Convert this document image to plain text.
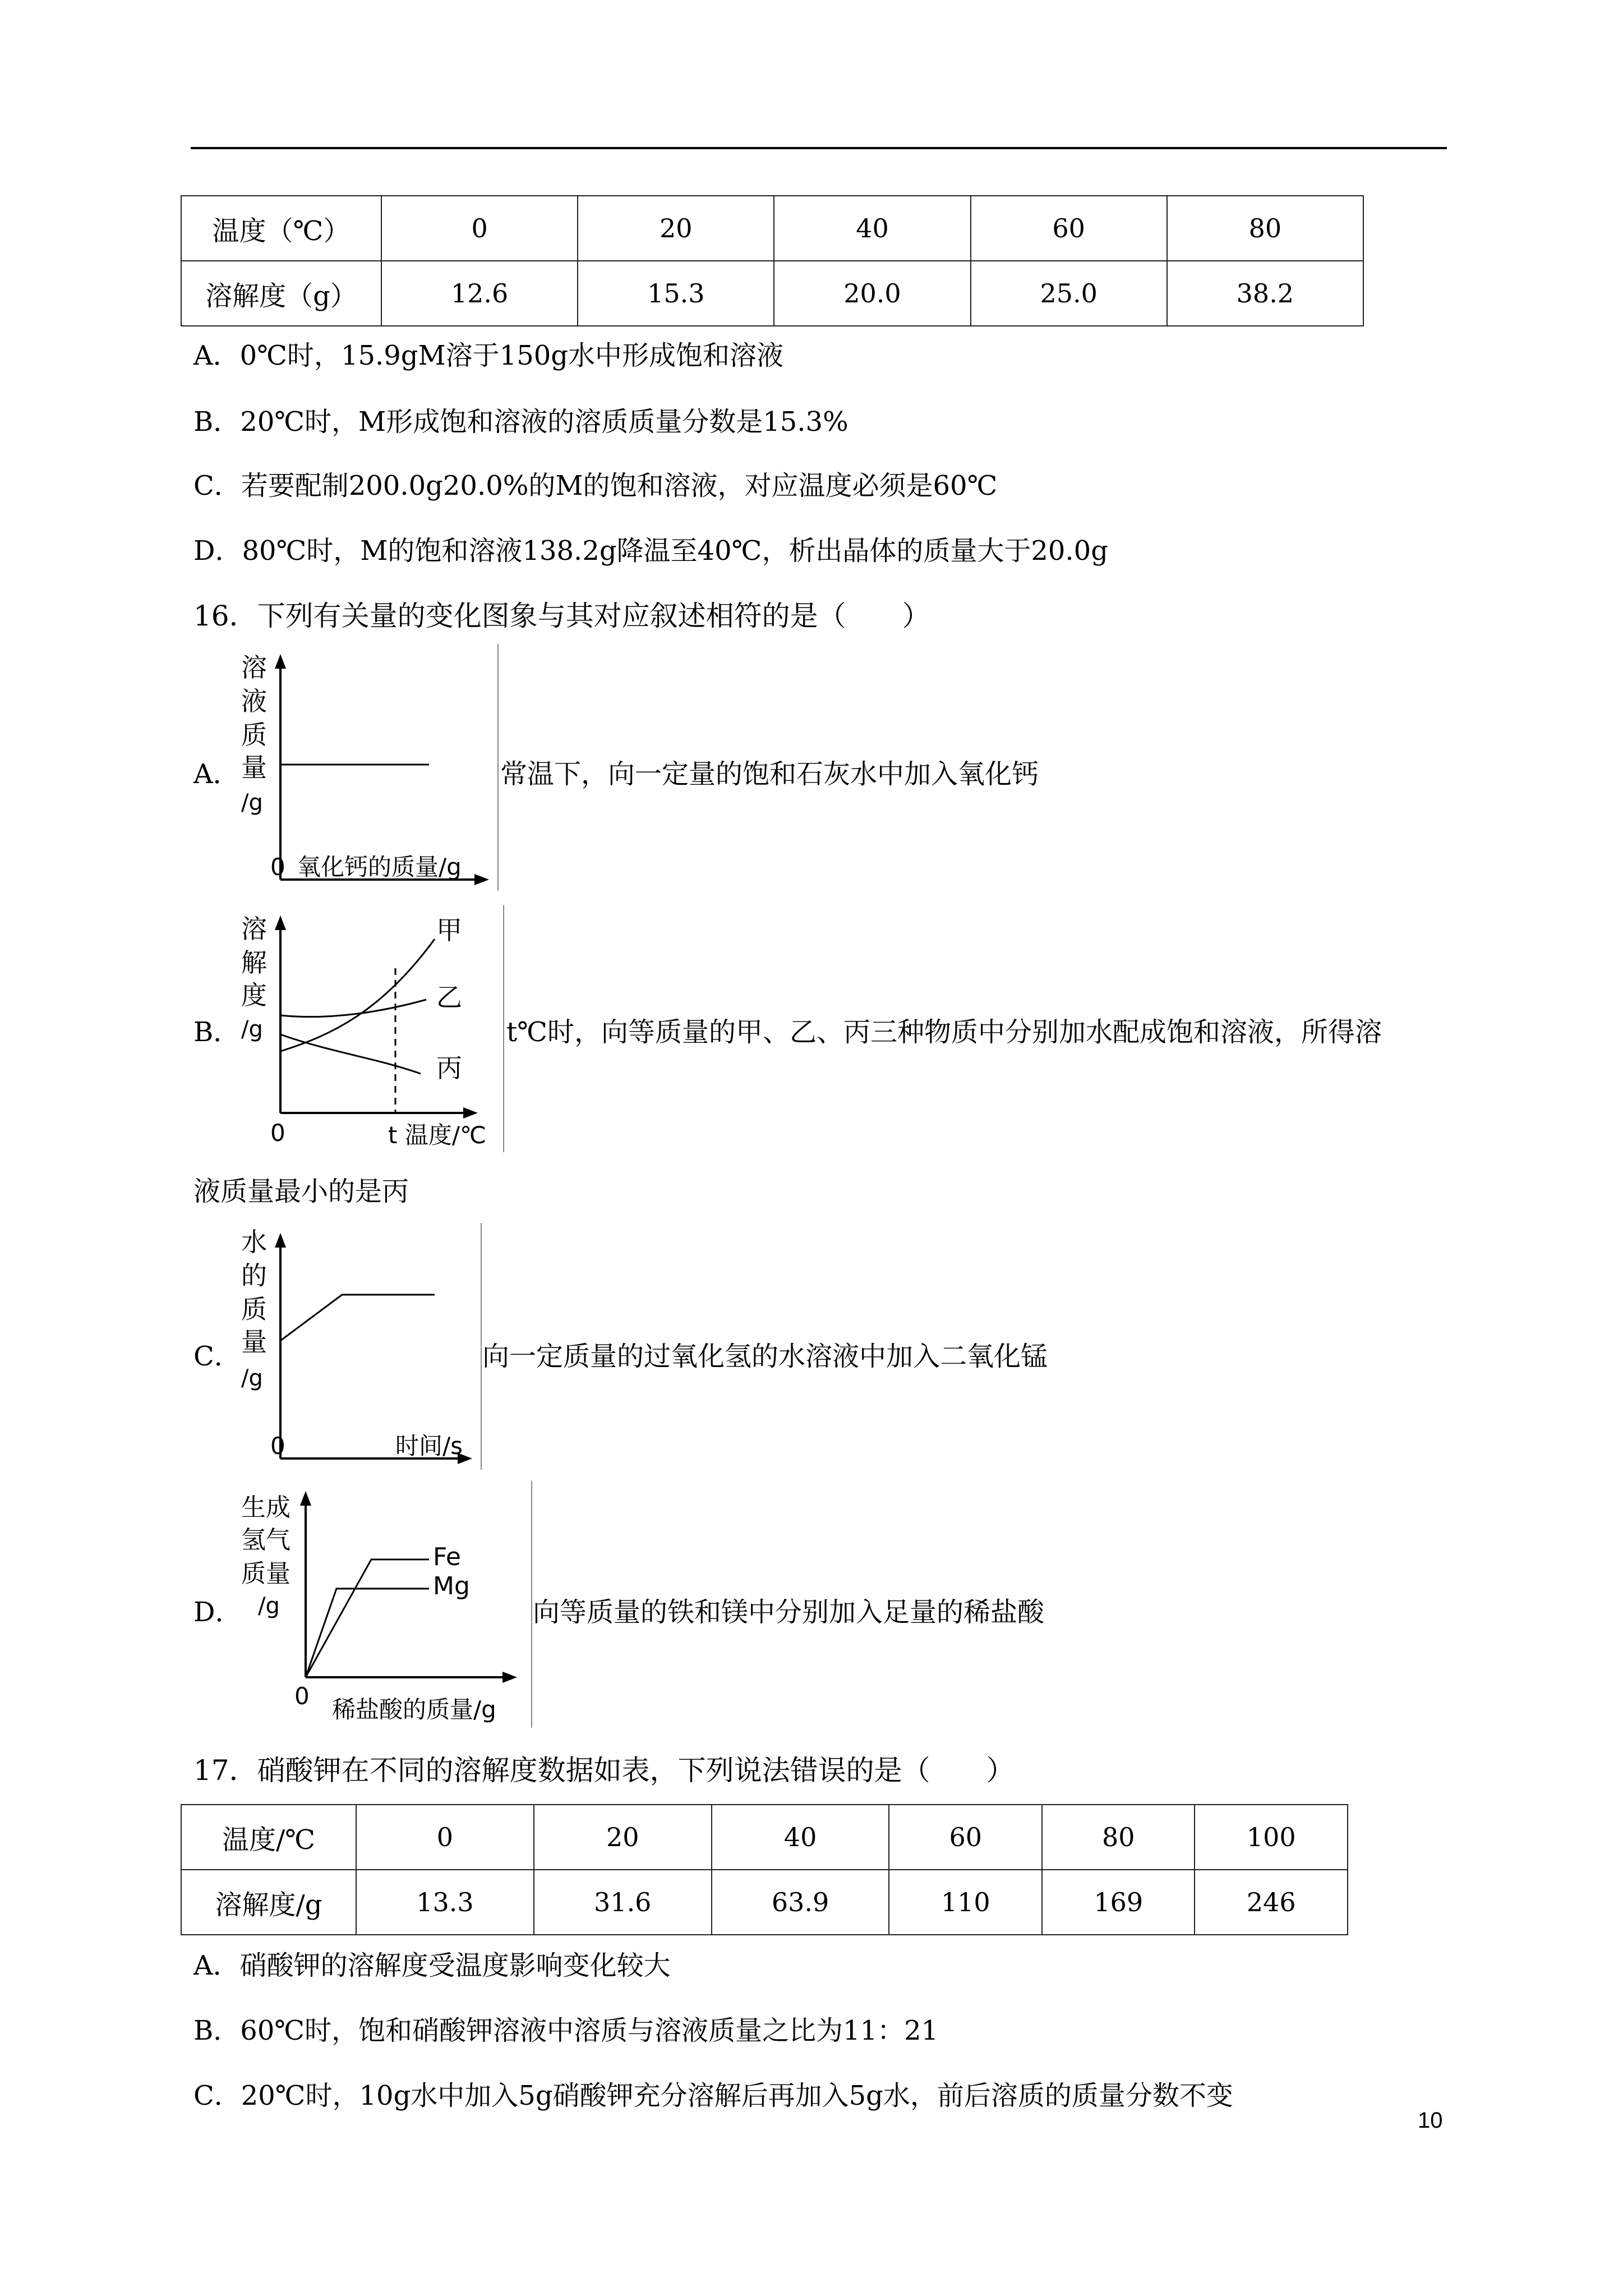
温度（℃）	0	20	40	60	80
溶解度（g）	12.6	15.3	20.0	25.0	38.2
A．0℃时，15.9gM溶于150g水中形成饱和溶液
B．20℃时，M形成饱和溶液的溶质质量分数是15.3%
C．若要配制200.0g20.0%的M的饱和溶液，对应温度必须是60℃
D．80℃时，M的饱和溶液138.2g降温至40℃，析出晶体的质量大于20.0g
16．下列有关量的变化图象与其对应叙述相符的是（　　）
A．
溶
液
质
量
/g
0 氧化钙的质量/g
常温下，向一定量的饱和石灰水中加入氧化钙
B．
溶
解
度
/g
甲
乙
丙
0	t 温度/℃
t℃时，向等质量的甲、乙、丙三种物质中分别加水配成饱和溶液，所得溶
液质量最小的是丙
C．
水
的
质
量
/g
0	时间/s
向一定质量的过氧化氢的水溶液中加入二氧化锰
D．
生成
氢气
质量
/g
Fe
Mg
0 稀盐酸的质量/g
向等质量的铁和镁中分别加入足量的稀盐酸
17．硝酸钾在不同的溶解度数据如表，下列说法错误的是（　　）
温度/℃	0	20	40	60	80	100
溶解度/g	13.3	31.6	63.9	110	169	246
A．硝酸钾的溶解度受温度影响变化较大
B．60℃时，饱和硝酸钾溶液中溶质与溶液质量之比为11：21
C．20℃时，10g水中加入5g硝酸钾充分溶解后再加入5g水，前后溶质的质量分数不变
10
